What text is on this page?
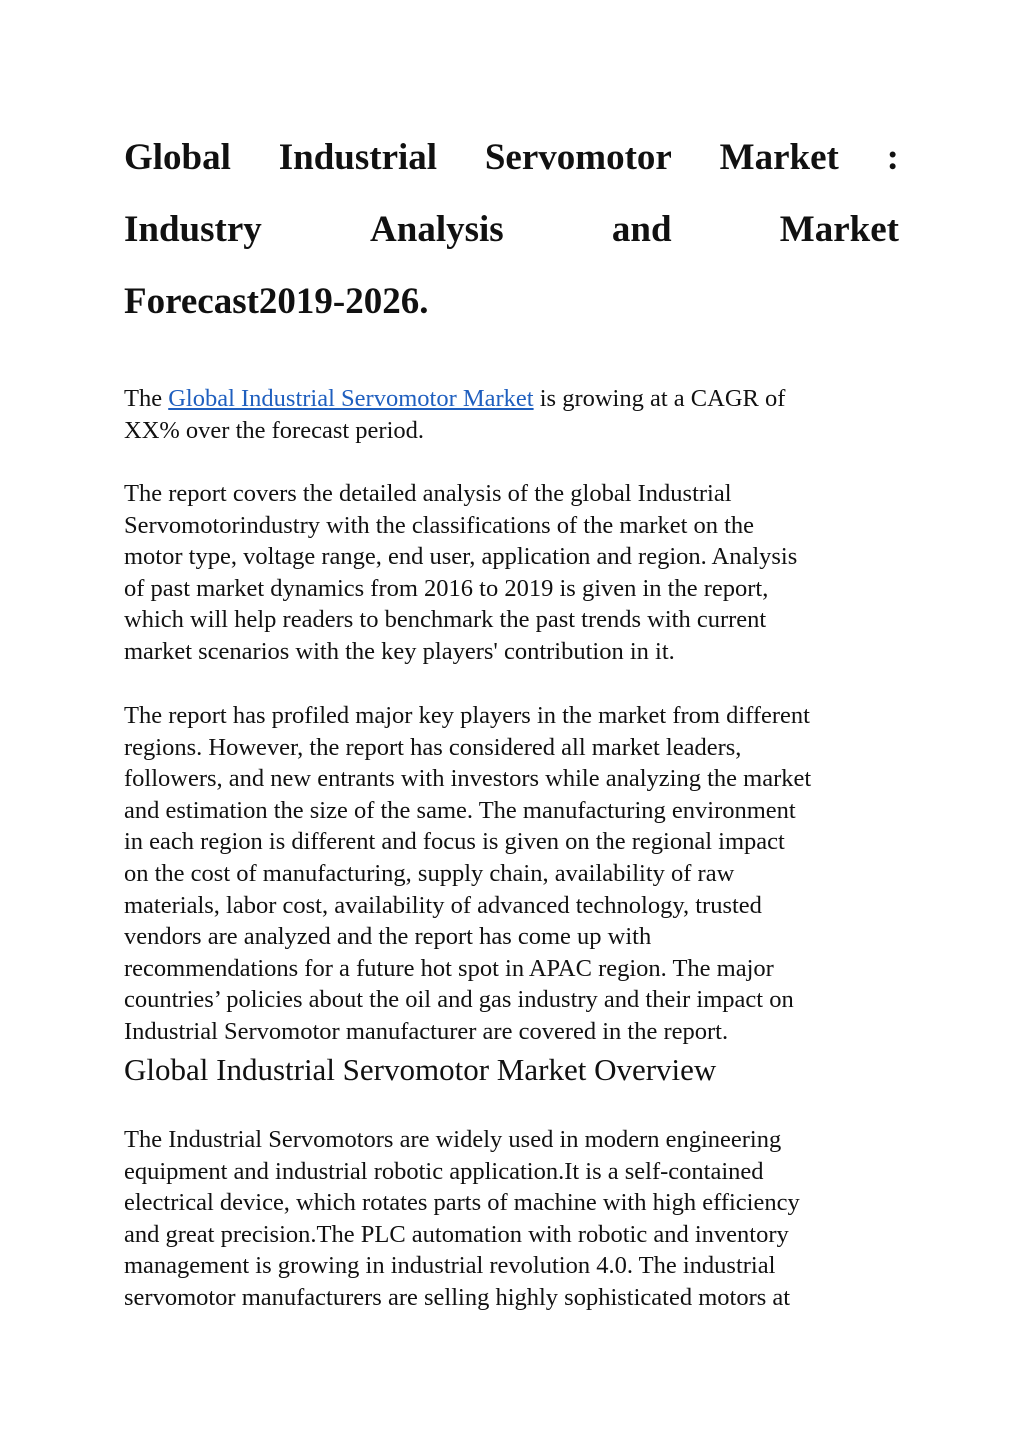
Global Industrial Servomotor Market :
Industry	Analysis	and	Market
Forecast2019-2026.

The Global Industrial Servomotor Market is growing at a CAGR of
XX% over the forecast period.

The report covers the detailed analysis of the global Industrial
Servomotorindustry with the classifications of the market on the
motor type, voltage range, end user, application and region. Analysis
of past market dynamics from 2016 to 2019 is given in the report,
which will help readers to benchmark the past trends with current
market scenarios with the key players' contribution in it.

The report has profiled major key players in the market from different
regions. However, the report has considered all market leaders,
followers, and new entrants with investors while analyzing the market
and estimation the size of the same. The manufacturing environment
in each region is different and focus is given on the regional impact
on the cost of manufacturing, supply chain, availability of raw
materials, labor cost, availability of advanced technology, trusted
vendors are analyzed and the report has come up with
recommendations for a future hot spot in APAC region. The major
countries’ policies about the oil and gas industry and their impact on
Industrial Servomotor manufacturer are covered in the report.

Global Industrial Servomotor Market Overview

The Industrial Servomotors are widely used in modern engineering
equipment and industrial robotic application.It is a self-contained
electrical device, which rotates parts of machine with high efficiency
and great precision.The PLC automation with robotic and inventory
management is growing in industrial revolution 4.0. The industrial
servomotor manufacturers are selling highly sophisticated motors at
